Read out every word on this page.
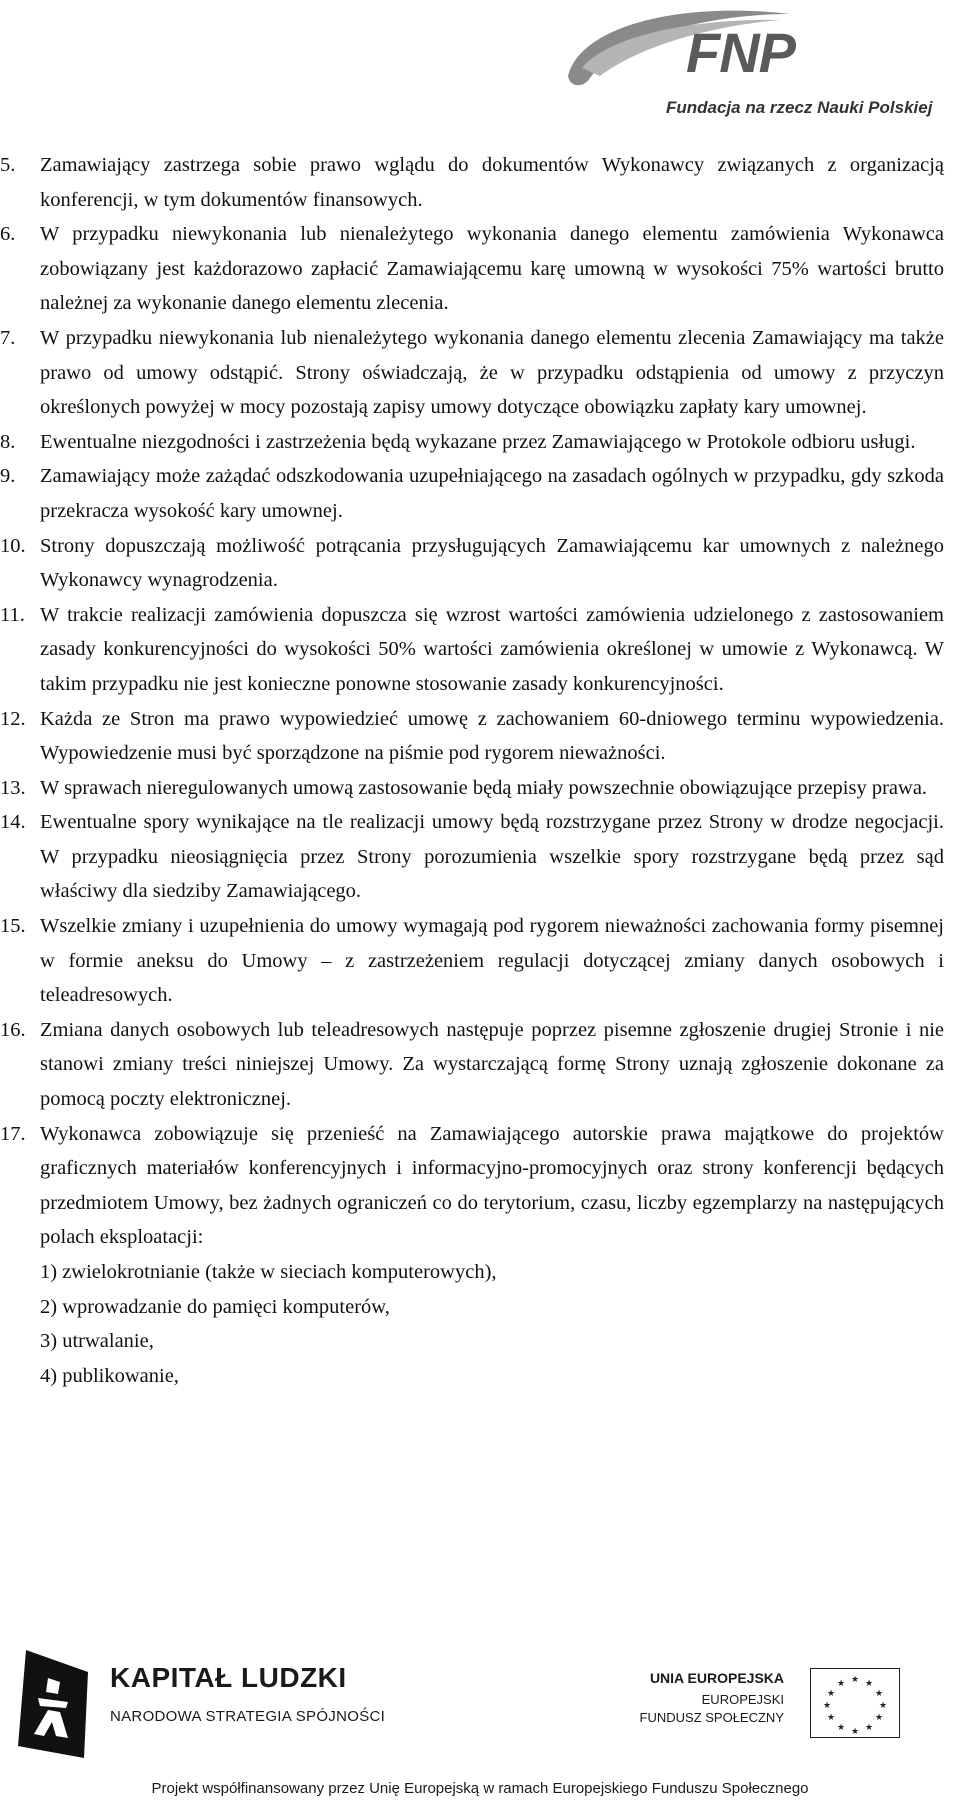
FNP
Fundacja na rzecz Nauki Polskiej
5.	Zamawiający zastrzega sobie prawo wglądu do dokumentów Wykonawcy związanych z organizacją konferencji, w tym dokumentów finansowych.
6.	W przypadku niewykonania lub nienależytego wykonania danego elementu zamówienia Wykonawca zobowiązany jest każdorazowo zapłacić Zamawiającemu karę umowną w wysokości 75% wartości brutto należnej za wykonanie danego elementu zlecenia.
7.	W przypadku niewykonania lub nienależytego wykonania danego elementu zlecenia Zamawiający ma także prawo od umowy odstąpić. Strony oświadczają, że w przypadku odstąpienia od umowy z przyczyn określonych powyżej w mocy pozostają zapisy umowy dotyczące obowiązku zapłaty kary umownej.
8.	Ewentualne niezgodności i zastrzeżenia będą wykazane przez Zamawiającego w Protokole odbioru usługi.
9.	Zamawiający może zażądać odszkodowania uzupełniającego na zasadach ogólnych w przypadku, gdy szkoda przekracza wysokość kary umownej.
10. Strony dopuszczają możliwość potrącania przysługujących Zamawiającemu kar umownych z należnego Wykonawcy wynagrodzenia.
11. W trakcie realizacji zamówienia dopuszcza się wzrost wartości zamówienia udzielonego z zastosowaniem zasady konkurencyjności do wysokości 50% wartości zamówienia określonej w umowie z Wykonawcą. W takim przypadku nie jest konieczne ponowne stosowanie zasady konkurencyjności.
12. Każda ze Stron ma prawo wypowiedzieć umowę z zachowaniem 60-dniowego terminu wypowiedzenia. Wypowiedzenie musi być sporządzone na piśmie pod rygorem nieważności.
13. W sprawach nieregulowanych umową zastosowanie będą miały powszechnie obowiązujące przepisy prawa.
14. Ewentualne spory wynikające na tle realizacji umowy będą rozstrzygane przez Strony w drodze negocjacji. W przypadku nieosiągnięcia przez Strony porozumienia wszelkie spory rozstrzygane będą przez sąd właściwy dla siedziby Zamawiającego.
15. Wszelkie zmiany i uzupełnienia do umowy wymagają pod rygorem nieważności zachowania formy pisemnej w formie aneksu do Umowy – z zastrzeżeniem regulacji dotyczącej zmiany danych osobowych i teleadresowych.
16. Zmiana danych osobowych lub teleadresowych następuje poprzez pisemne zgłoszenie drugiej Stronie i nie stanowi zmiany treści niniejszej Umowy. Za wystarczającą formę Strony uznają zgłoszenie dokonane za pomocą poczty elektronicznej.
17. Wykonawca zobowiązuje się przenieść na Zamawiającego autorskie prawa majątkowe do projektów graficznych materiałów konferencyjnych i informacyjno-promocyjnych oraz strony konferencji będących przedmiotem Umowy, bez żadnych ograniczeń co do terytorium, czasu, liczby egzemplarzy na następujących polach eksploatacji:
1) zwielokrotnianie (także w sieciach komputerowych),
2) wprowadzanie do pamięci komputerów,
3) utrwalanie,
4) publikowanie,
KAPITAŁ LUDZKI
NARODOWA STRATEGIA SPÓJNOŚCI
UNIA EUROPEJSKA
EUROPEJSKI
FUNDUSZ SPOŁECZNY
★ ★
★
★
★
★
★
★
★
★
★
★
Projekt współfinansowany przez Unię Europejską w ramach Europejskiego Funduszu Społecznego
